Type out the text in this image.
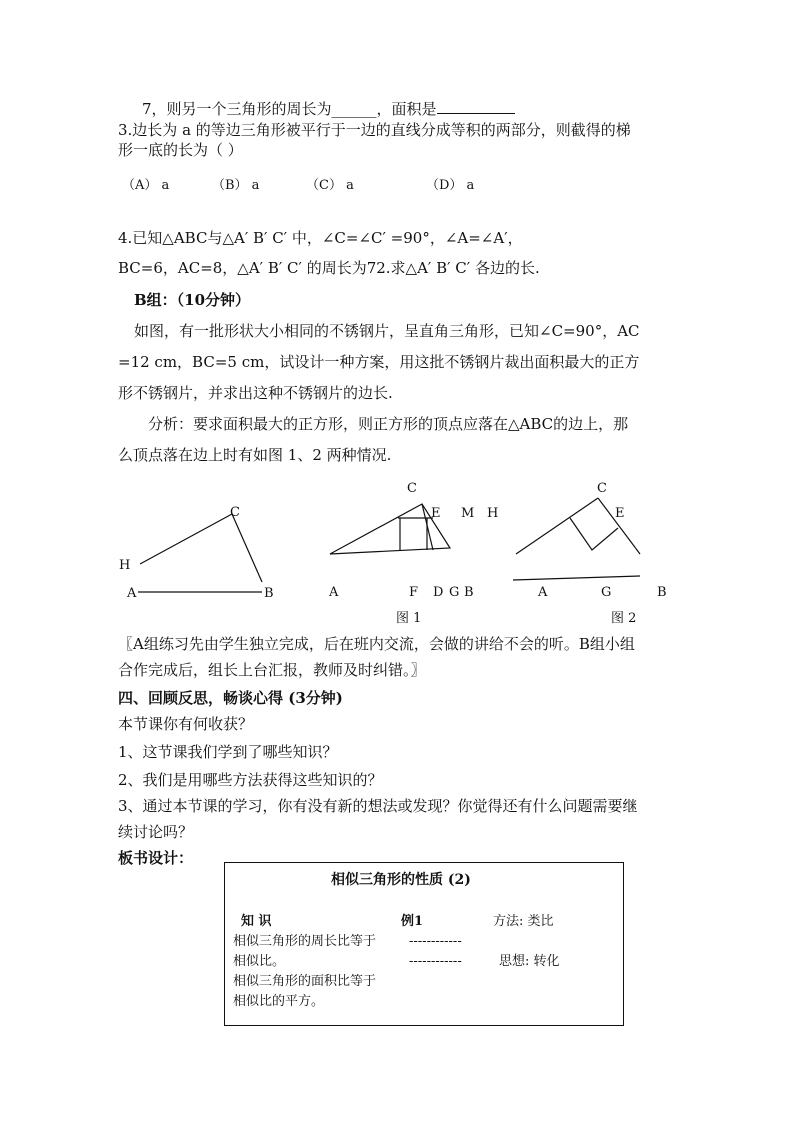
7，则另一个三角形的周长为______，面积是
3.边长为 a 的等边三角形被平行于一边的直线分成等积的两部分，则截得的梯
形一底的长为（ ）
（A） a	（B） a	（C） a	（D） a
4.已知△ABC与△A′ B′ C′ 中，∠C=∠C′ =90°，∠A=∠A′，
BC=6，AC=8，△A′ B′ C′ 的周长为72.求△A′ B′ C′ 各边的长.
B组：（10分钟）
如图，有一批形状大小相同的不锈钢片，呈直角三角形，已知∠C=90°，AC
=12 cm，BC=5 cm，试设计一种方案，用这批不锈钢片裁出面积最大的正方
形不锈钢片，并求出这种不锈钢片的边长.
分析：要求面积最大的正方形，则正方形的顶点应落在△ABC的边上，那
么顶点落在边上时有如图 1、2 两种情况.
C
H
A	B
C
E M
A	F D G B
图 1
H
C
E
A	G	B
图 2
〖A组练习先由学生独立完成，后在班内交流，会做的讲给不会的听。B组小组
合作完成后，组长上台汇报，教师及时纠错。〗
四、回顾反思，畅谈心得 (3分钟)
本节课你有何收获？
1、这节课我们学到了哪些知识？
2、我们是用哪些方法获得这些知识的？
3、通过本节课的学习，你有没有新的想法或发现？你觉得还有什么问题需要继
续讨论吗？
板书设计：
相似三角形的性质 (2)
知 识	例1	方法: 类比
相似三角形的周长比等于	------------
相似比。	------------	思想: 转化
相似三角形的面积比等于
相似比的平方。
